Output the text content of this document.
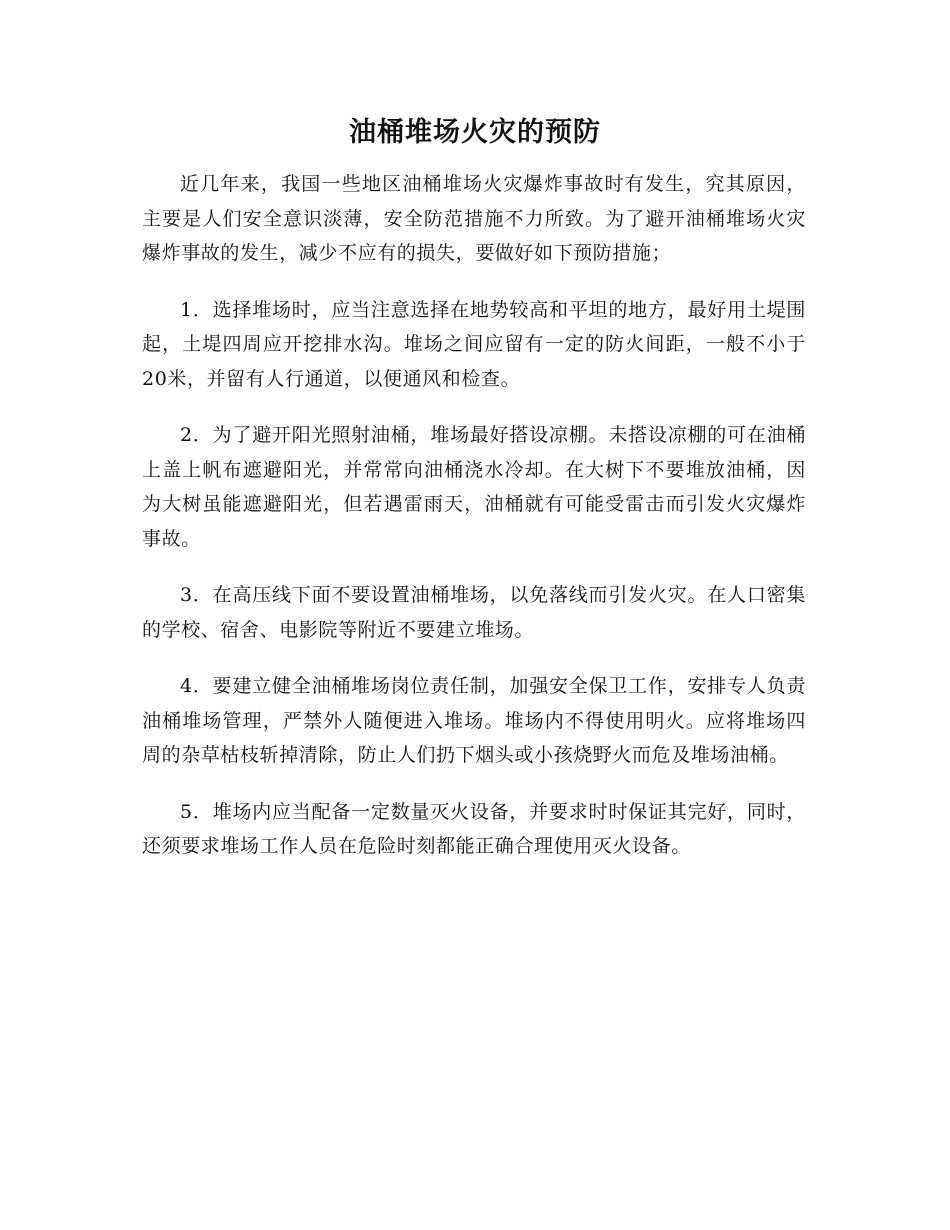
油桶堆场火灾的预防

近几年来，我国一些地区油桶堆场火灾爆炸事故时有发生，究其原因，主要是人们安全意识淡薄，安全防范措施不力所致。为了避开油桶堆场火灾爆炸事故的发生，减少不应有的损失，要做好如下预防措施；

1．选择堆场时，应当注意选择在地势较高和平坦的地方，最好用土堤围起，土堤四周应开挖排水沟。堆场之间应留有一定的防火间距，一般不小于20米，并留有人行通道，以便通风和检查。

2．为了避开阳光照射油桶，堆场最好搭设凉棚。未搭设凉棚的可在油桶上盖上帆布遮避阳光，并常常向油桶浇水冷却。在大树下不要堆放油桶，因为大树虽能遮避阳光，但若遇雷雨天，油桶就有可能受雷击而引发火灾爆炸事故。

3．在高压线下面不要设置油桶堆场，以免落线而引发火灾。在人口密集的学校、宿舍、电影院等附近不要建立堆场。

4．要建立健全油桶堆场岗位责任制，加强安全保卫工作，安排专人负责油桶堆场管理，严禁外人随便进入堆场。堆场内不得使用明火。应将堆场四周的杂草枯枝斩掉清除，防止人们扔下烟头或小孩烧野火而危及堆场油桶。

5．堆场内应当配备一定数量灭火设备，并要求时时保证其完好，同时，还须要求堆场工作人员在危险时刻都能正确合理使用灭火设备。
